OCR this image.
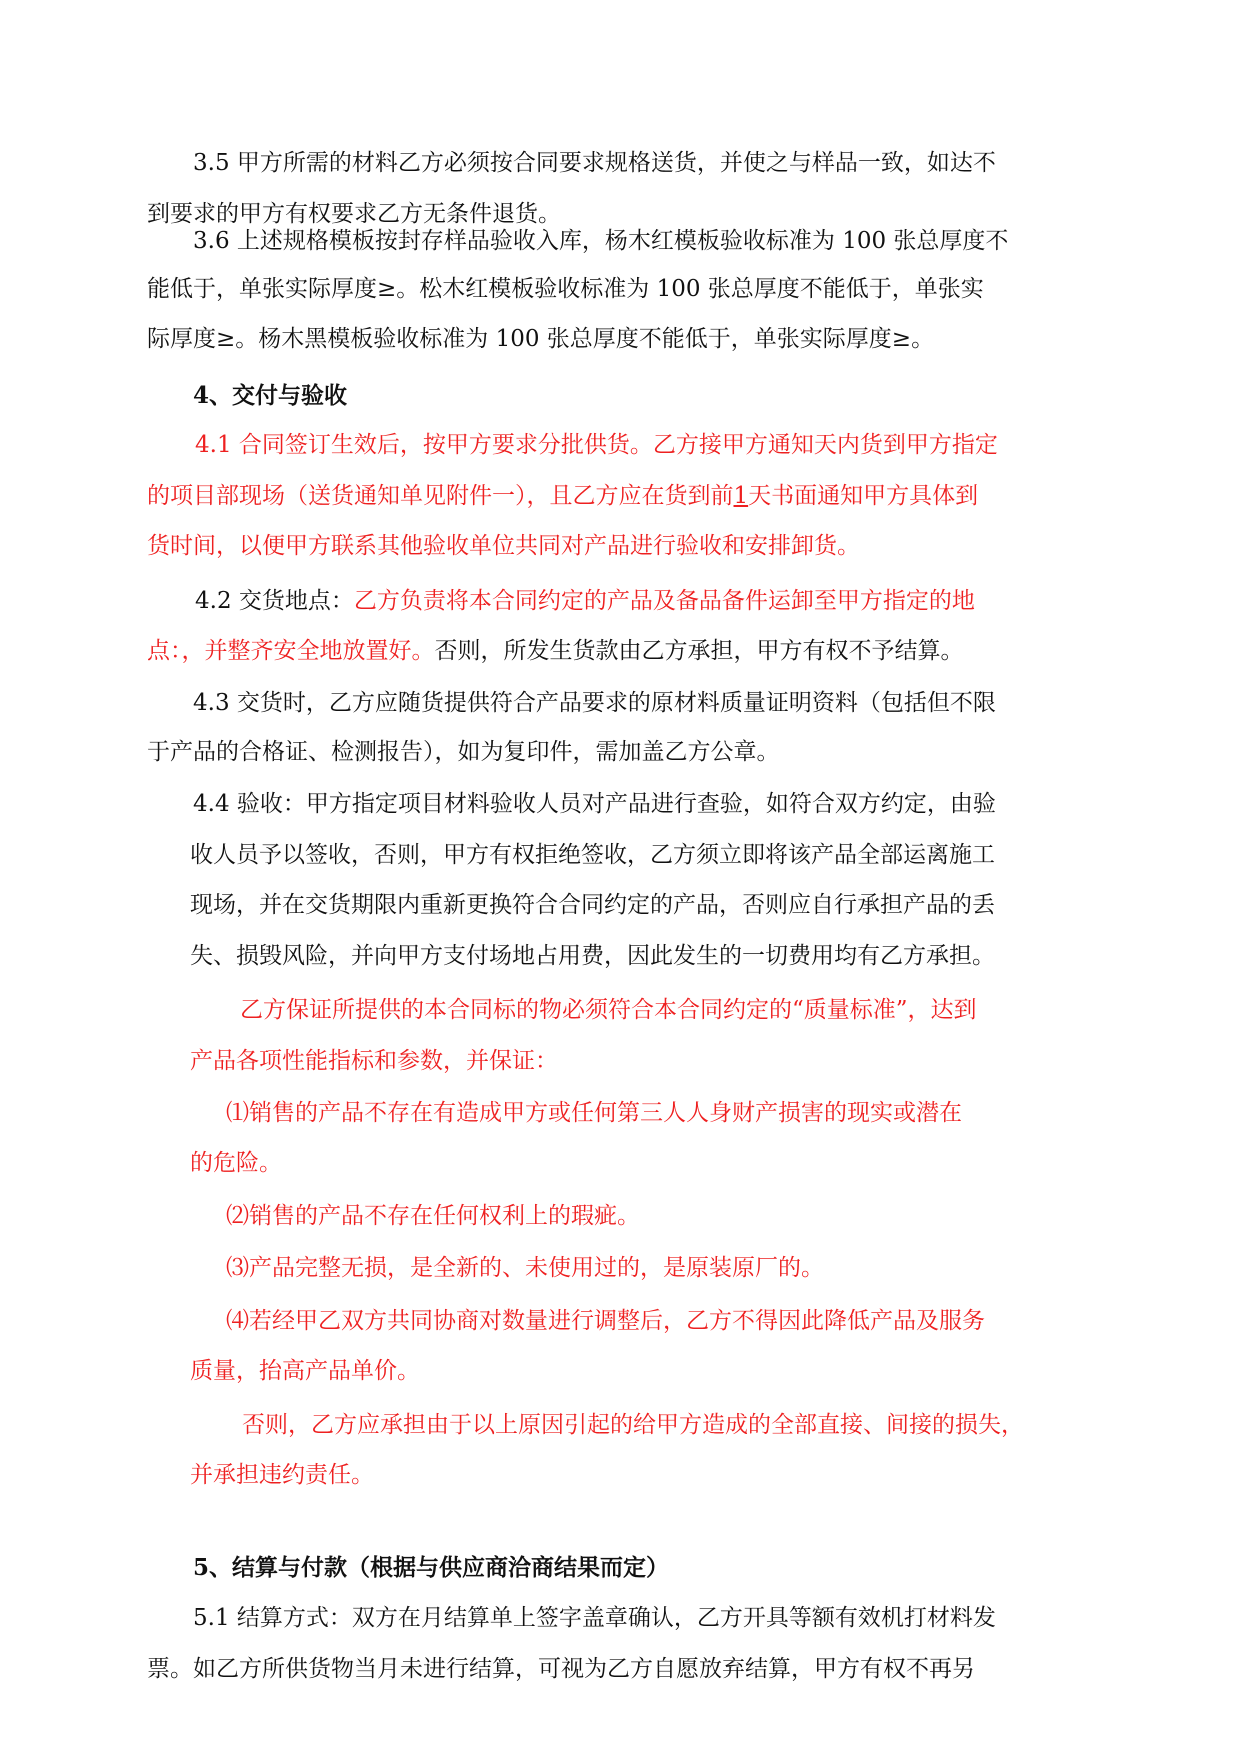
3.5 甲方所需的材料乙方必须按合同要求规格送货，并使之与样品一致，如达不

到要求的甲方有权要求乙方无条件退货。

3.6 上述规格模板按封存样品验收入库，杨木红模板验收标准为 100 张总厚度不

能低于，单张实际厚度≥。松木红模板验收标准为 100 张总厚度不能低于，单张实

际厚度≥。杨木黑模板验收标准为 100 张总厚度不能低于，单张实际厚度≥。

4、交付与验收

4.1 合同签订生效后，按甲方要求分批供货。乙方接甲方通知天内货到甲方指定

的项目部现场（送货通知单见附件一），且乙方应在货到前1天书面通知甲方具体到

货时间，以便甲方联系其他验收单位共同对产品进行验收和安排卸货。

4.2 交货地点：乙方负责将本合同约定的产品及备品备件运卸至甲方指定的地

点：，并整齐安全地放置好。否则，所发生货款由乙方承担，甲方有权不予结算。

4.3 交货时，乙方应随货提供符合产品要求的原材料质量证明资料（包括但不限

于产品的合格证、检测报告），如为复印件，需加盖乙方公章。

4.4 验收：甲方指定项目材料验收人员对产品进行查验，如符合双方约定，由验

收人员予以签收，否则，甲方有权拒绝签收，乙方须立即将该产品全部运离施工

现场，并在交货期限内重新更换符合合同约定的产品，否则应自行承担产品的丢

失、损毁风险，并向甲方支付场地占用费，因此发生的一切费用均有乙方承担。

乙方保证所提供的本合同标的物必须符合本合同约定的“质量标准”，达到

产品各项性能指标和参数，并保证：

⑴销售的产品不存在有造成甲方或任何第三人人身财产损害的现实或潜在

的危险。

⑵销售的产品不存在任何权利上的瑕疵。

⑶产品完整无损，是全新的、未使用过的，是原装原厂的。

⑷若经甲乙双方共同协商对数量进行调整后，乙方不得因此降低产品及服务

质量，抬高产品单价。

否则，乙方应承担由于以上原因引起的给甲方造成的全部直接、间接的损失，

并承担违约责任。

5、结算与付款（根据与供应商洽商结果而定）

5.1 结算方式：双方在月结算单上签字盖章确认，乙方开具等额有效机打材料发

票。如乙方所供货物当月未进行结算，可视为乙方自愿放弃结算，甲方有权不再另
